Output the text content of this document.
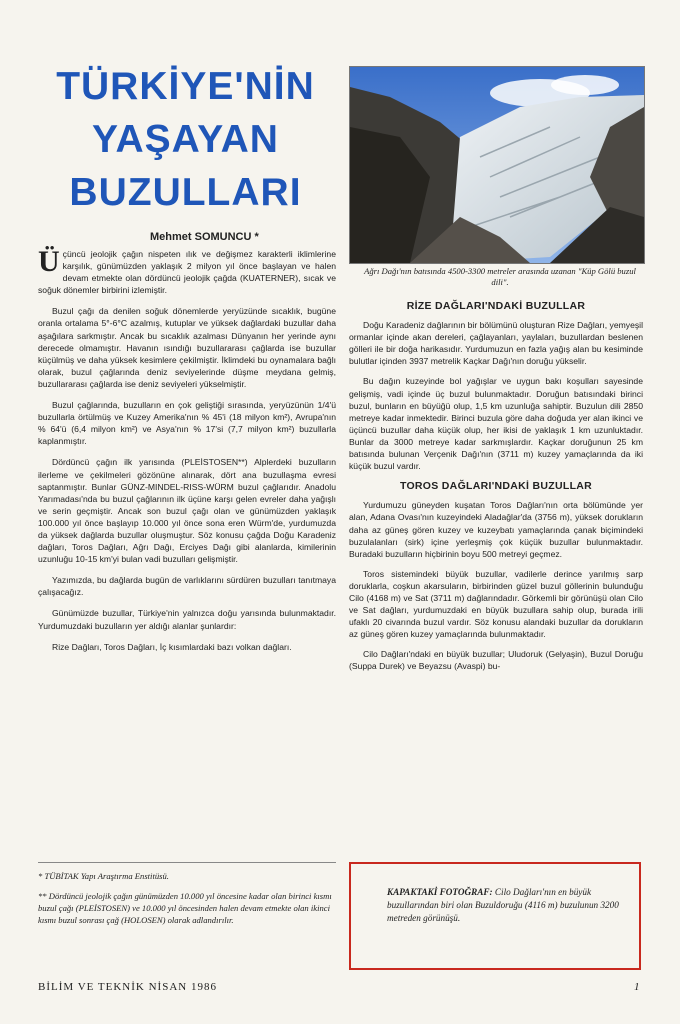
TÜRKİYE'NİN
YAŞAYAN
BUZULLARI
Mehmet SOMUNCU *

Üçüncü jeolojik çağın nispeten ılık ve değişmez karakterli iklimlerine karşılık, günümüzden yaklaşık 2 milyon yıl önce başlayan ve halen devam etmekte olan dördüncü jeolojik çağda (KUATERNER), sıcak ve soğuk dönemler birbirini izlemiştir.

Buzul çağı da denilen soğuk dönemlerde yeryüzünde sıcaklık, bugüne oranla ortalama 5°-6°C azalmış, kutuplar ve yüksek dağlardaki buzullar daha aşağılara sarkmıştır. Ancak bu sıcaklık azalması Dünyanın her yerinde aynı derecede olmamıştır. Havanın ısındığı buzullararası çağlarda ise buzullar küçülmüş ve daha yüksek kesimlere çekilmiştir. İklimdeki bu oynamalara bağlı olarak, buzul çağlarında deniz seviyelerinde düşme meydana gelmiş, buzullararası çağlarda ise deniz seviyeleri yükselmiştir.

Buzul çağlarında, buzulların en çok geliştiği sırasında, yeryüzünün 1/4'ü buzullarla örtülmüş ve Kuzey Amerika'nın % 45'i (18 milyon km²), Avrupa'nın % 64'ü (6,4 milyon km²) ve Asya'nın % 17'si (7,7 milyon km²) buzullarla kaplanmıştır.

Dördüncü çağın ilk yarısında (PLEİSTOSEN**) Alplerdeki buzulların ilerleme ve çekilmeleri gözönüne alınarak, dört ana buzullaşma evresi saptanmıştır. Bunlar GÜNZ-MINDEL-RISS-WÜRM buzul çağlarıdır. Anadolu Yarımadası'nda bu buzul çağlarının ilk üçüne karşı gelen evreler daha yağışlı ve serin geçmiştir. Ancak son buzul çağı olan ve günümüzden yaklaşık 100.000 yıl önce başlayıp 10.000 yıl önce sona eren Würm'de, yurdumuzda da yüksek dağlarda buzullar oluşmuştur. Söz konusu çağda Doğu Karadeniz dağları, Toros Dağları, Ağrı Dağı, Erciyes Dağı gibi alanlarda, kimilerinin uzunluğu 10-15 km'yi bulan vadi buzulları gelişmiştir.

Yazımızda, bu dağlarda bugün de varlıklarını sürdüren buzulları tanıtmaya çalışacağız.

Günümüzde buzullar, Türkiye'nin yalnızca doğu yarısında bulunmaktadır. Yurdumuzdaki buzulların yer aldığı alanlar şunlardır:

Rize Dağları, Toros Dağları, İç kısımlardaki bazı volkan dağları.

* TÜBİTAK Yapı Araştırma Enstitüsü.

** Dördüncü jeolojik çağın günümüzden 10.000 yıl öncesine kadar olan birinci kısmı buzul çağı (PLEİSTOSEN) ve 10.000 yıl öncesinden halen devam etmekte olan ikinci kısmı buzul sonrası çağ (HOLOSEN) olarak adlandırılır.

Ağrı Dağı'nın batısında 4500-3300 metreler arasında uzanan "Küp Gölü buzul dili".
RİZE DAĞLARI'NDAKİ BUZULLAR

Doğu Karadeniz dağlarının bir bölümünü oluşturan Rize Dağları, yemyeşil ormanlar içinde akan dereleri, çağlayanları, yaylaları, buzullardan beslenen gölleri ile bir doğa harikasıdır. Yurdumuzun en fazla yağış alan bu kesiminde bulutlar içinden 3937 metrelik Kaçkar Dağı'nın doruğu yükselir.

Bu dağın kuzeyinde bol yağışlar ve uygun bakı koşulları sayesinde gelişmiş, vadi içinde üç buzul bulunmaktadır. Doruğun batısındaki birinci buzul, bunların en büyüğü olup, 1,5 km uzunluğa sahiptir. Buzulun dili 2850 metreye kadar inmektedir. Birinci buzula göre daha doğuda yer alan ikinci ve üçüncü buzullar daha küçük olup, her ikisi de yaklaşık 1 km uzunluktadır. Bunlar da 3000 metreye kadar sarkmışlardır. Kaçkar doruğunun 25 km batısında bulunan Verçenik Dağı'nın (3711 m) kuzey yamaçlarında da iki küçük buzul vardır.

TOROS DAĞLARI'NDAKİ BUZULLAR

Yurdumuzu güneyden kuşatan Toros Dağları'nın orta bölümünde yer alan, Adana Ovası'nın kuzeyindeki Aladağlar'da (3756 m), yüksek dorukların daha az güneş gören kuzey ve kuzeybatı yamaçlarında çanak biçimindeki buzulalanları (sirk) içine yerleşmiş çok küçük buzullar bulunmaktadır. Buradaki buzulların hiçbirinin boyu 500 metreyi geçmez.

Toros sistemindeki büyük buzullar, vadilerle derince yarılmış sarp doruklarla, coşkun akarsuların, birbirinden güzel buzul göllerinin bulunduğu Cilo (4168 m) ve Sat (3711 m) dağlarındadır. Görkemli bir görünüşü olan Cilo ve Sat dağları, yurdumuzdaki en büyük buzullara sahip olup, burada irili ufaklı 20 civarında buzul vardır. Söz konusu alandaki buzullar da dorukların az güneş gören kuzey yamaçlarında bulunmaktadır.

Cilo Dağları'ndaki en büyük buzullar; Uludoruk (Gelyaşin), Buzul Doruğu (Suppa Durek) ve Beyazsu (Avaspi) bu-

KAPAKTAKİ FOTOĞRAF: Cilo Dağları'nın en büyük buzullarından biri olan Buzuldoruğu (4116 m) buzulunun 3200 metreden görünüşü.
BİLİM VE TEKNİK NİSAN 1986	1
